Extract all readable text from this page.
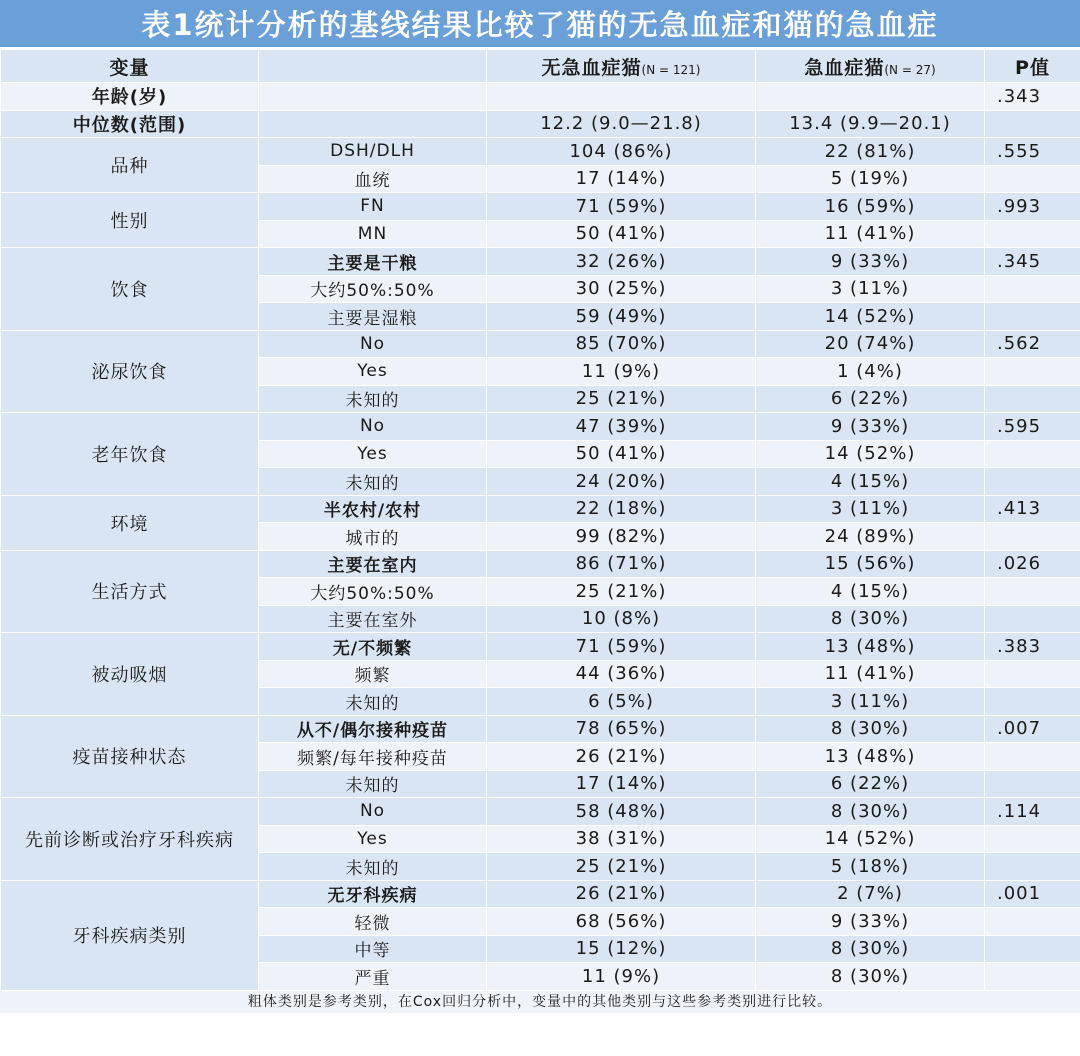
表1统计分析的基线结果比较了猫的无急血症和猫的急血症
变量		无急血症猫(N = 121)	急血症猫(N = 27)	P值
年龄(岁)				.343
中位数(范围)		12.2 (9.0—21.8)	13.4 (9.9—20.1)	
品种	DSH/DLH	104 (86%)	22 (81%)	.555
	血统	17 (14%)	5 (19%)	
性别	FN	71 (59%)	16 (59%)	.993
	MN	50 (41%)	11 (41%)	
饮食	主要是干粮	32 (26%)	9 (33%)	.345
	大约50%:50%	30 (25%)	3 (11%)	
	主要是湿粮	59 (49%)	14 (52%)	
泌尿饮食	No	85 (70%)	20 (74%)	.562
	Yes	11 (9%)	1 (4%)	
	未知的	25 (21%)	6 (22%)	
老年饮食	No	47 (39%)	9 (33%)	.595
	Yes	50 (41%)	14 (52%)	
	未知的	24 (20%)	4 (15%)	
环境	半农村/农村	22 (18%)	3 (11%)	.413
	城市的	99 (82%)	24 (89%)	
生活方式	主要在室内	86 (71%)	15 (56%)	.026
	大约50%:50%	25 (21%)	4 (15%)	
	主要在室外	10 (8%)	8 (30%)	
被动吸烟	无/不频繁	71 (59%)	13 (48%)	.383
	频繁	44 (36%)	11 (41%)	
	未知的	6 (5%)	3 (11%)	
疫苗接种状态	从不/偶尔接种疫苗	78 (65%)	8 (30%)	.007
	频繁/每年接种疫苗	26 (21%)	13 (48%)	
	未知的	17 (14%)	6 (22%)	
先前诊断或治疗牙科疾病	No	58 (48%)	8 (30%)	.114
	Yes	38 (31%)	14 (52%)	
	未知的	25 (21%)	5 (18%)	
牙科疾病类别	无牙科疾病	26 (21%)	2 (7%)	.001
	轻微	68 (56%)	9 (33%)	
	中等	15 (12%)	8 (30%)	
	严重	11 (9%)	8 (30%)	
粗体类别是参考类别，在Cox回归分析中，变量中的其他类别与这些参考类别进行比较。
